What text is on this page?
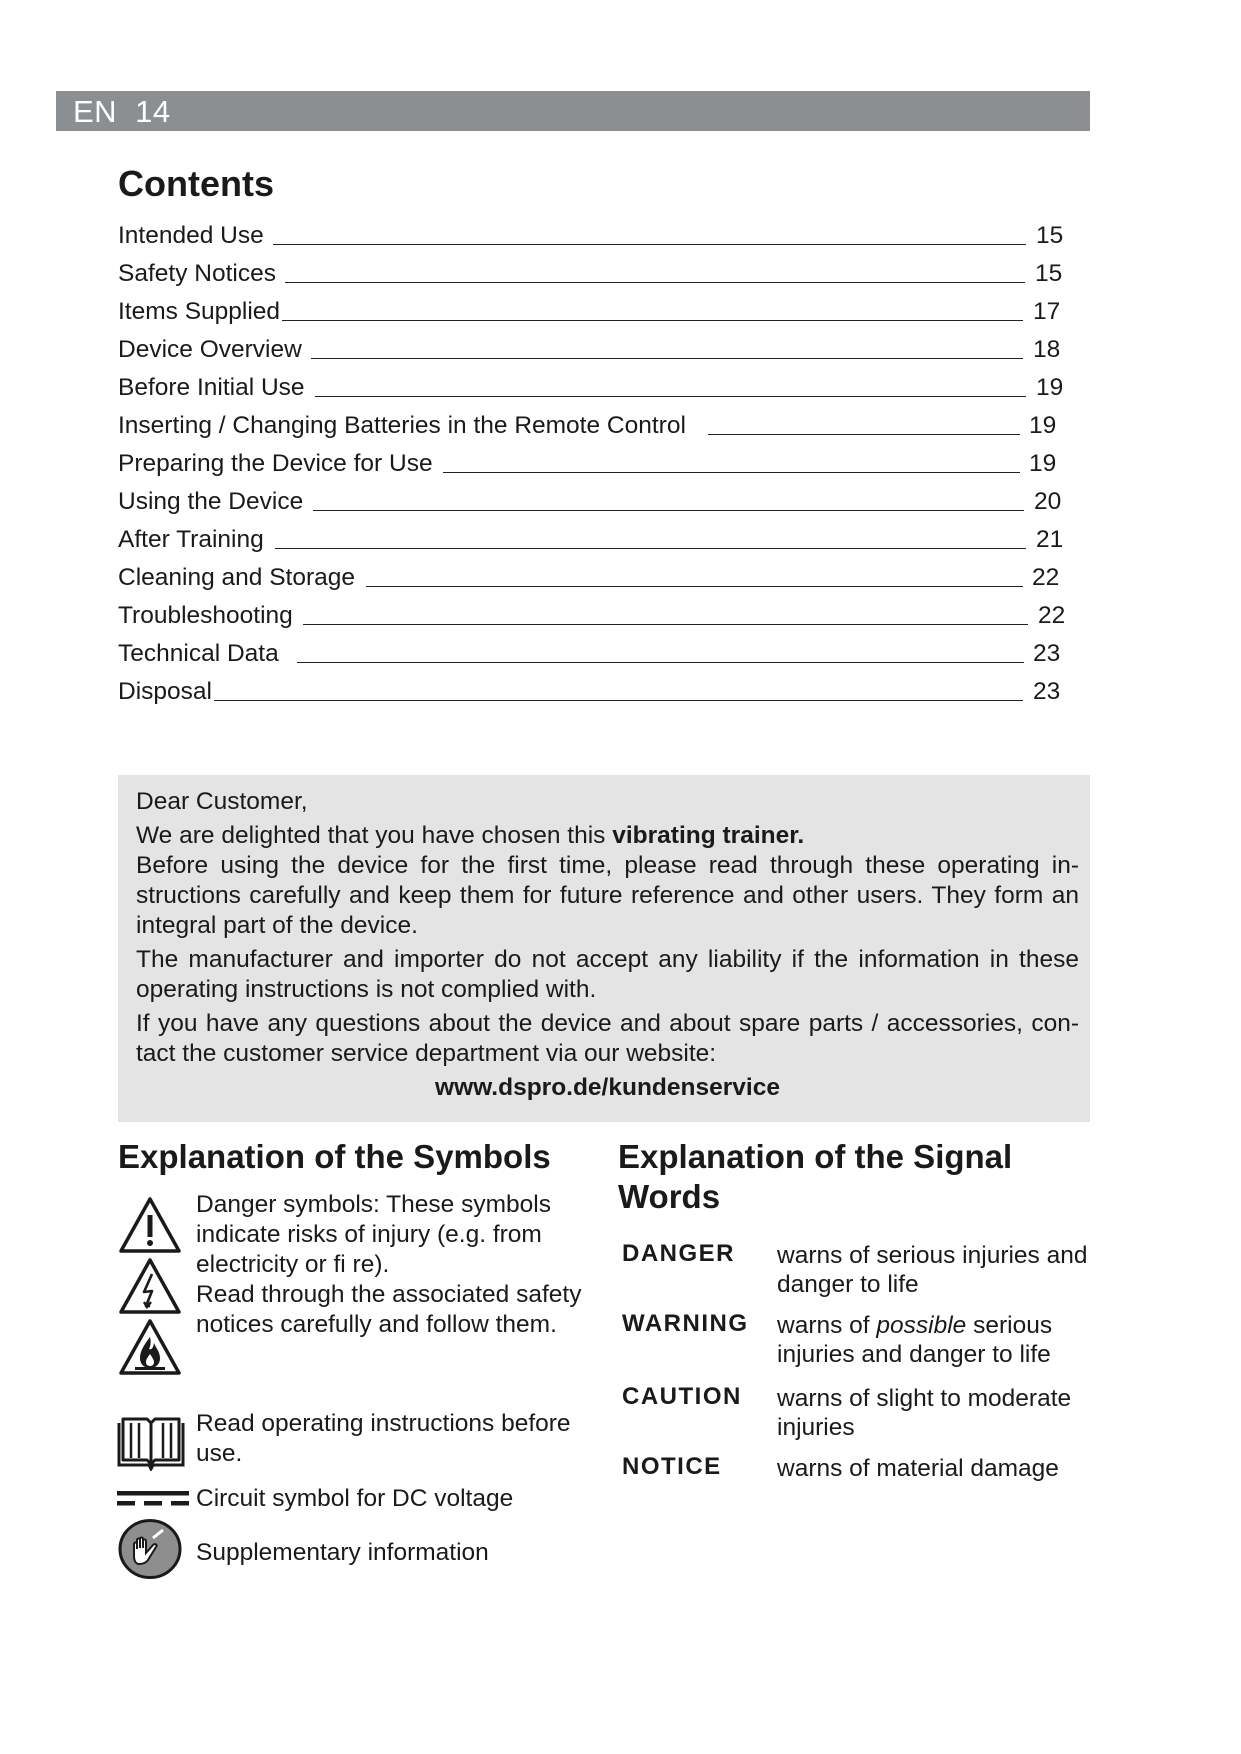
EN 14
Contents
Intended Use	15
Safety Notices	15
Items Supplied	17
Device Overview	18
Before Initial Use	19
Inserting / Changing Batteries in the Remote Control	19
Preparing the Device for Use	19
Using the Device	20
After Training	21
Cleaning and Storage	22
Troubleshooting	22
Technical Data	23
Disposal	23

Dear Customer,

We are delighted that you have chosen this vibrating trainer.

Before using the device for the first time, please read through these operating in-structions carefully and keep them for future reference and other users. They form an integral part of the device.

The manufacturer and importer do not accept any liability if the information in these operating instructions is not complied with.

If you have any questions about the device and about spare parts / accessories, con-tact the customer service department via our website:

www.dspro.de/kundenservice

Explanation of the Symbols
Danger symbols: These symbols indicate risks of injury (e.g. from electricity or fi re).
Read through the associated safety notices carefully and follow them.
Read operating instructions before use.
Circuit symbol for DC voltage
Supplementary information
Explanation of the Signal Words
DANGER warns of serious injuries and danger to life
WARNING warns of possible serious injuries and danger to life
CAUTION warns of slight to moderate injuries
NOTICE warns of material damage
